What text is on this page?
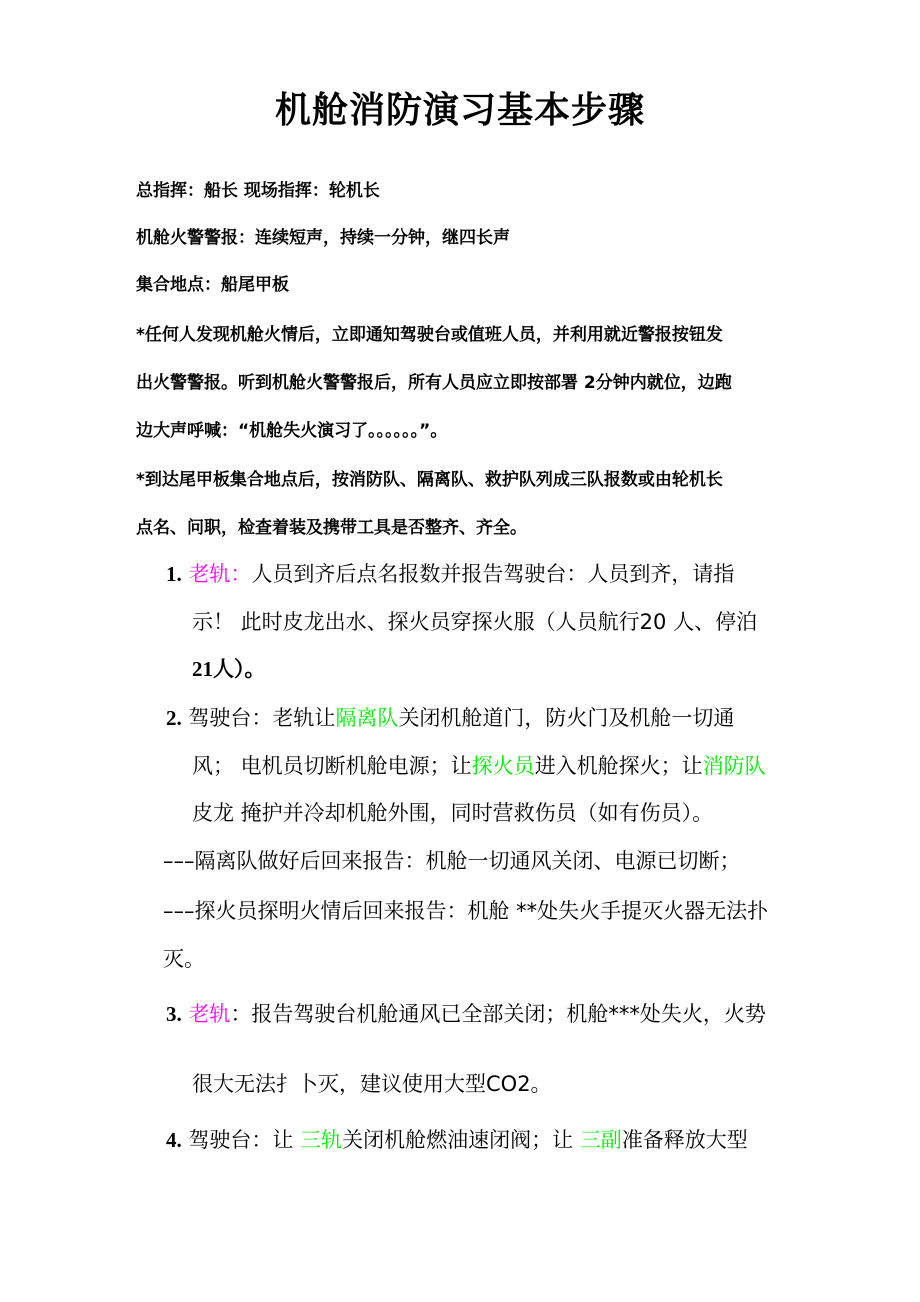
机舱消防演习基本步骤
总指挥：船长 现场指挥：轮机长
机舱火警警报：连续短声，持续一分钟，继四长声
集合地点：船尾甲板
*任何人发现机舱火情后，立即通知驾驶台或值班人员，并利用就近警报按钮发
出火警警报。听到机舱火警警报后，所有人员应立即按部署 2分钟内就位，边跑
边大声呼喊：“机舱失火演习了。。。。。。”。
*到达尾甲板集合地点后，按消防队、隔离队、救护队列成三队报数或由轮机长
点名、问职，检查着装及携带工具是否整齐、齐全。
1. 老轨：人员到齐后点名报数并报告驾驶台：人员到齐，请指
示！ 此时皮龙出水、探火员穿探火服（人员航行20 人、停泊
21人）。
2. 驾驶台：老轨让隔离队关闭机舱道门，防火门及机舱一切通
风； 电机员切断机舱电源；让探火员进入机舱探火；让消防队
皮龙 掩护并冷却机舱外围，同时营救伤员（如有伤员）。
–––隔离队做好后回来报告：机舱一切通风关闭、电源已切断；
–––探火员探明火情后回来报告：机舱 **处失火手提灭火器无法扑
灭。
3. 老轨：报告驾驶台机舱通风已全部关闭；机舱***处失火，火势
很大无法扌卜灭，建议使用大型CO2。
4. 驾驶台：让 三轨关闭机舱燃油速闭阀；让 三副准备释放大型
